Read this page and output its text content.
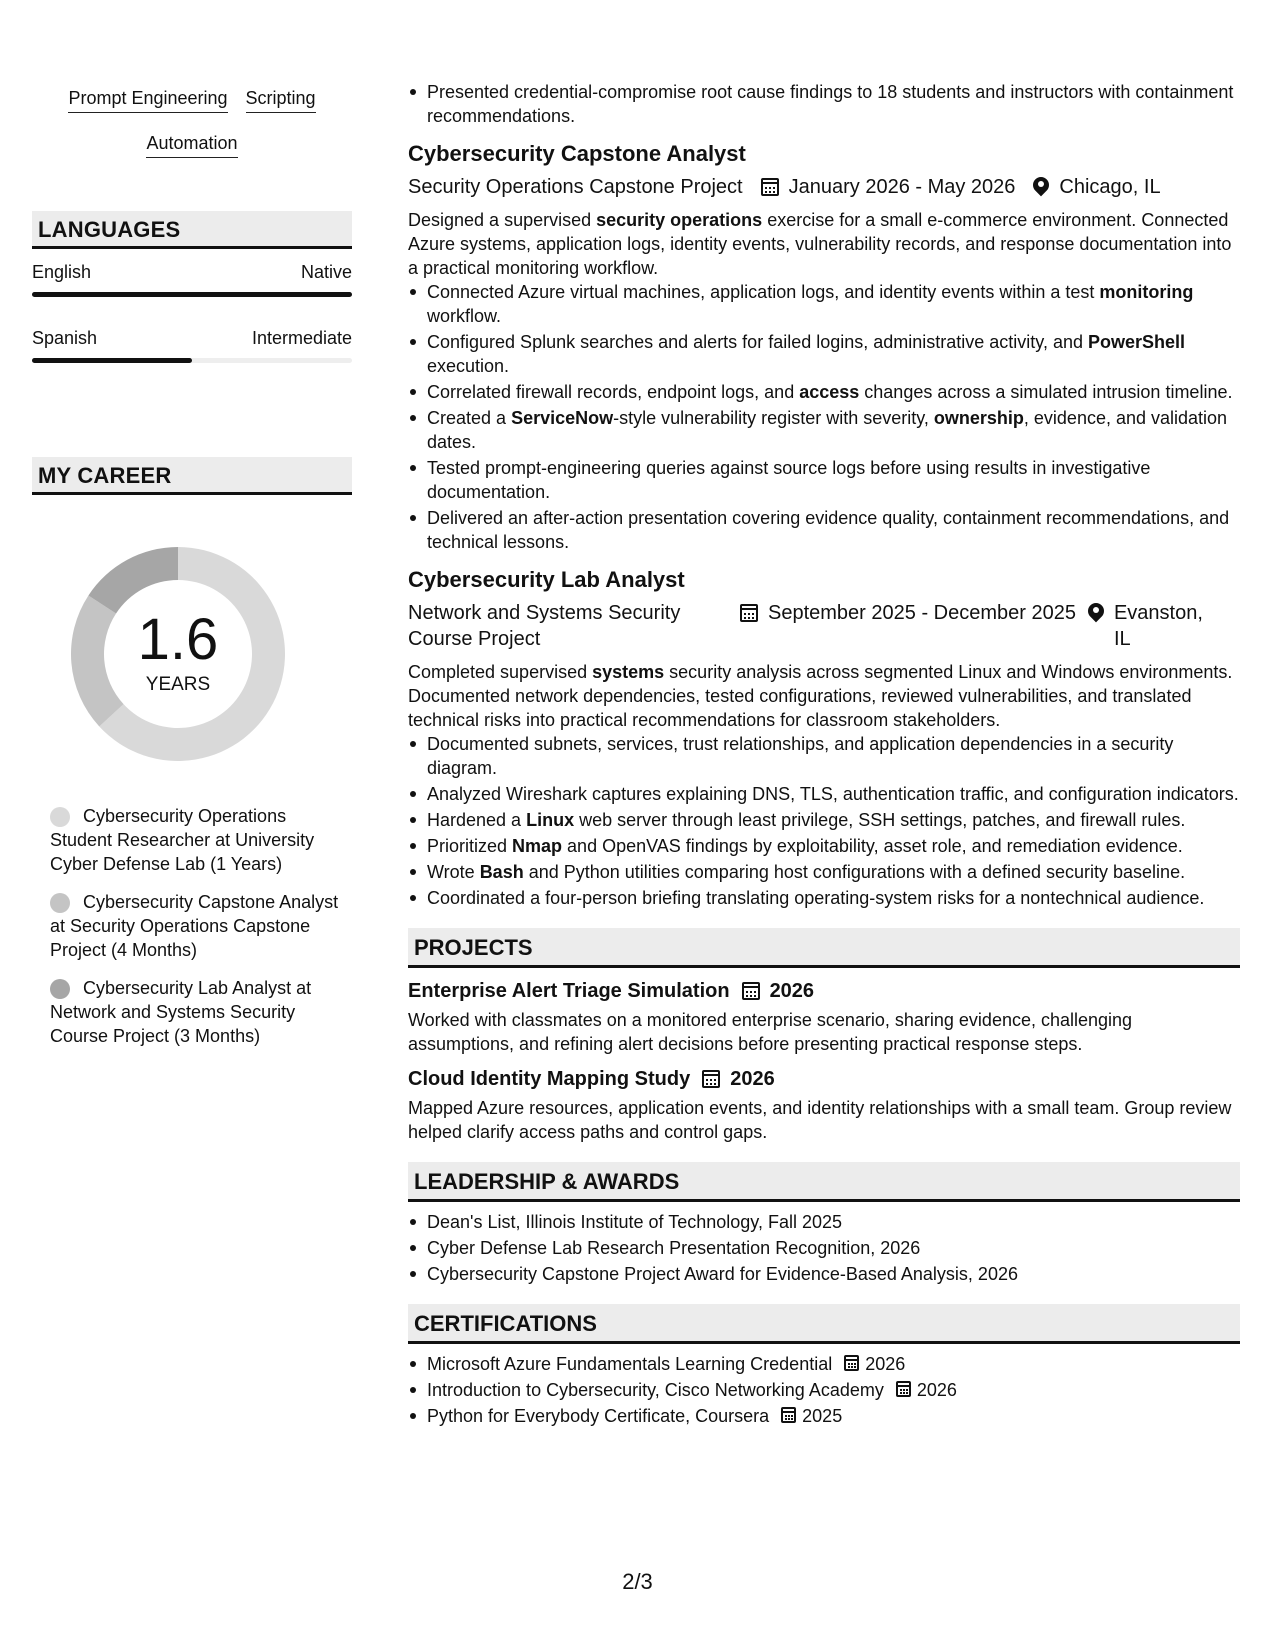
Prompt Engineering Scripting
Automation
LANGUAGES
English	Native
Spanish	Intermediate
MY CAREER
1.6
YEARS
Cybersecurity Operations Student Researcher at University Cyber Defense Lab (1 Years)
Cybersecurity Capstone Analyst at Security Operations Capstone Project (4 Months)
Cybersecurity Lab Analyst at Network and Systems Security Course Project (3 Months)
Presented credential-compromise root cause findings to 18 students and instructors with containment recommendations.
Cybersecurity Capstone Analyst
Security Operations Capstone Project January 2026 - May 2026 Chicago, IL
Designed a supervised security operations exercise for a small e-commerce environment. Connected Azure systems, application logs, identity events, vulnerability records, and response documentation into a practical monitoring workflow.
Connected Azure virtual machines, application logs, and identity events within a test monitoring workflow.
Configured Splunk searches and alerts for failed logins, administrative activity, and PowerShell execution.
Correlated firewall records, endpoint logs, and access changes across a simulated intrusion timeline.
Created a ServiceNow-style vulnerability register with severity, ownership, evidence, and validation dates.
Tested prompt-engineering queries against source logs before using results in investigative documentation.
Delivered an after-action presentation covering evidence quality, containment recommendations, and technical lessons.
Cybersecurity Lab Analyst
Network and Systems Security Course Project
September 2025 - December 2025 Evanston, IL
Completed supervised systems security analysis across segmented Linux and Windows environments. Documented network dependencies, tested configurations, reviewed vulnerabilities, and translated technical risks into practical recommendations for classroom stakeholders.
Documented subnets, services, trust relationships, and application dependencies in a security diagram.
Analyzed Wireshark captures explaining DNS, TLS, authentication traffic, and configuration indicators.
Hardened a Linux web server through least privilege, SSH settings, patches, and firewall rules.
Prioritized Nmap and OpenVAS findings by exploitability, asset role, and remediation evidence.
Wrote Bash and Python utilities comparing host configurations with a defined security baseline.
Coordinated a four-person briefing translating operating-system risks for a nontechnical audience.
PROJECTS
Enterprise Alert Triage Simulation 2026
Worked with classmates on a monitored enterprise scenario, sharing evidence, challenging assumptions, and refining alert decisions before presenting practical response steps.
Cloud Identity Mapping Study 2026
Mapped Azure resources, application events, and identity relationships with a small team. Group review helped clarify access paths and control gaps.
LEADERSHIP & AWARDS
Dean's List, Illinois Institute of Technology, Fall 2025
Cyber Defense Lab Research Presentation Recognition, 2026
Cybersecurity Capstone Project Award for Evidence-Based Analysis, 2026
CERTIFICATIONS
Microsoft Azure Fundamentals Learning Credential 2026
Introduction to Cybersecurity, Cisco Networking Academy 2026
Python for Everybody Certificate, Coursera 2025
2/3
